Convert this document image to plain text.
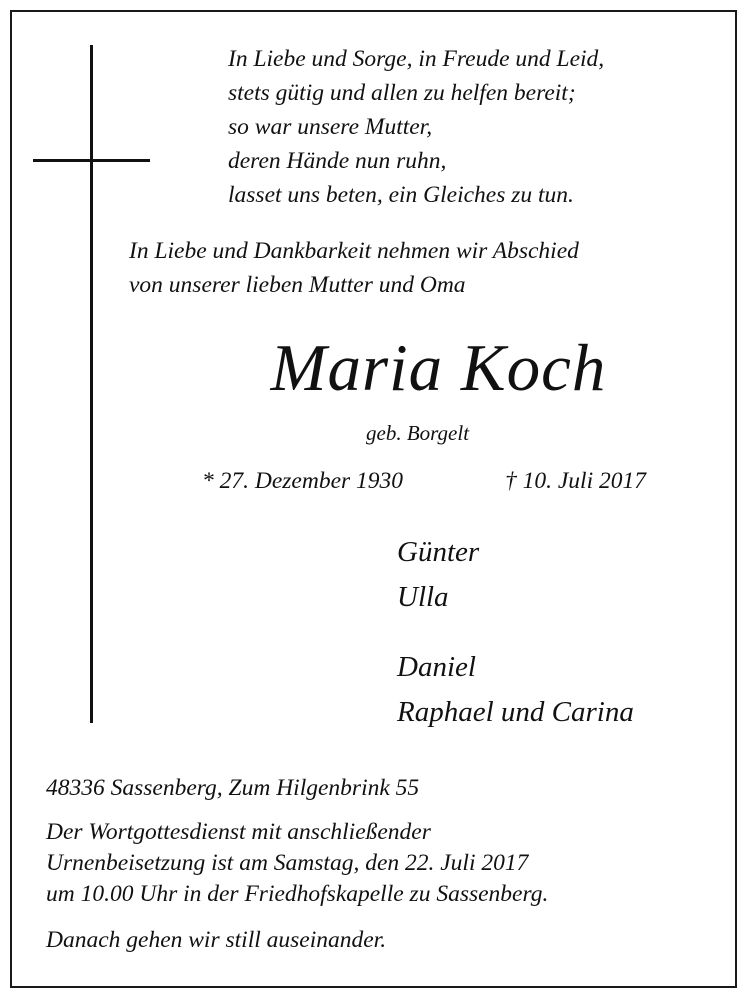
In Liebe und Sorge, in Freude und Leid,
stets gütig und allen zu helfen bereit;
so war unsere Mutter,
deren Hände nun ruhn,
lasset uns beten, ein Gleiches zu tun.

In Liebe und Dankbarkeit nehmen wir Abschied
von unserer lieben Mutter und Oma

Maria Koch
geb. Borgelt
* 27. Dezember 1930	† 10. Juli 2017
Günter
Ulla
Daniel
Raphael und Carina
48336 Sassenberg, Zum Hilgenbrink 55
Der Wortgottesdienst mit anschließender
Urnenbeisetzung ist am Samstag, den 22. Juli 2017
um 10.00 Uhr in der Friedhofskapelle zu Sassenberg.
Danach gehen wir still auseinander.
